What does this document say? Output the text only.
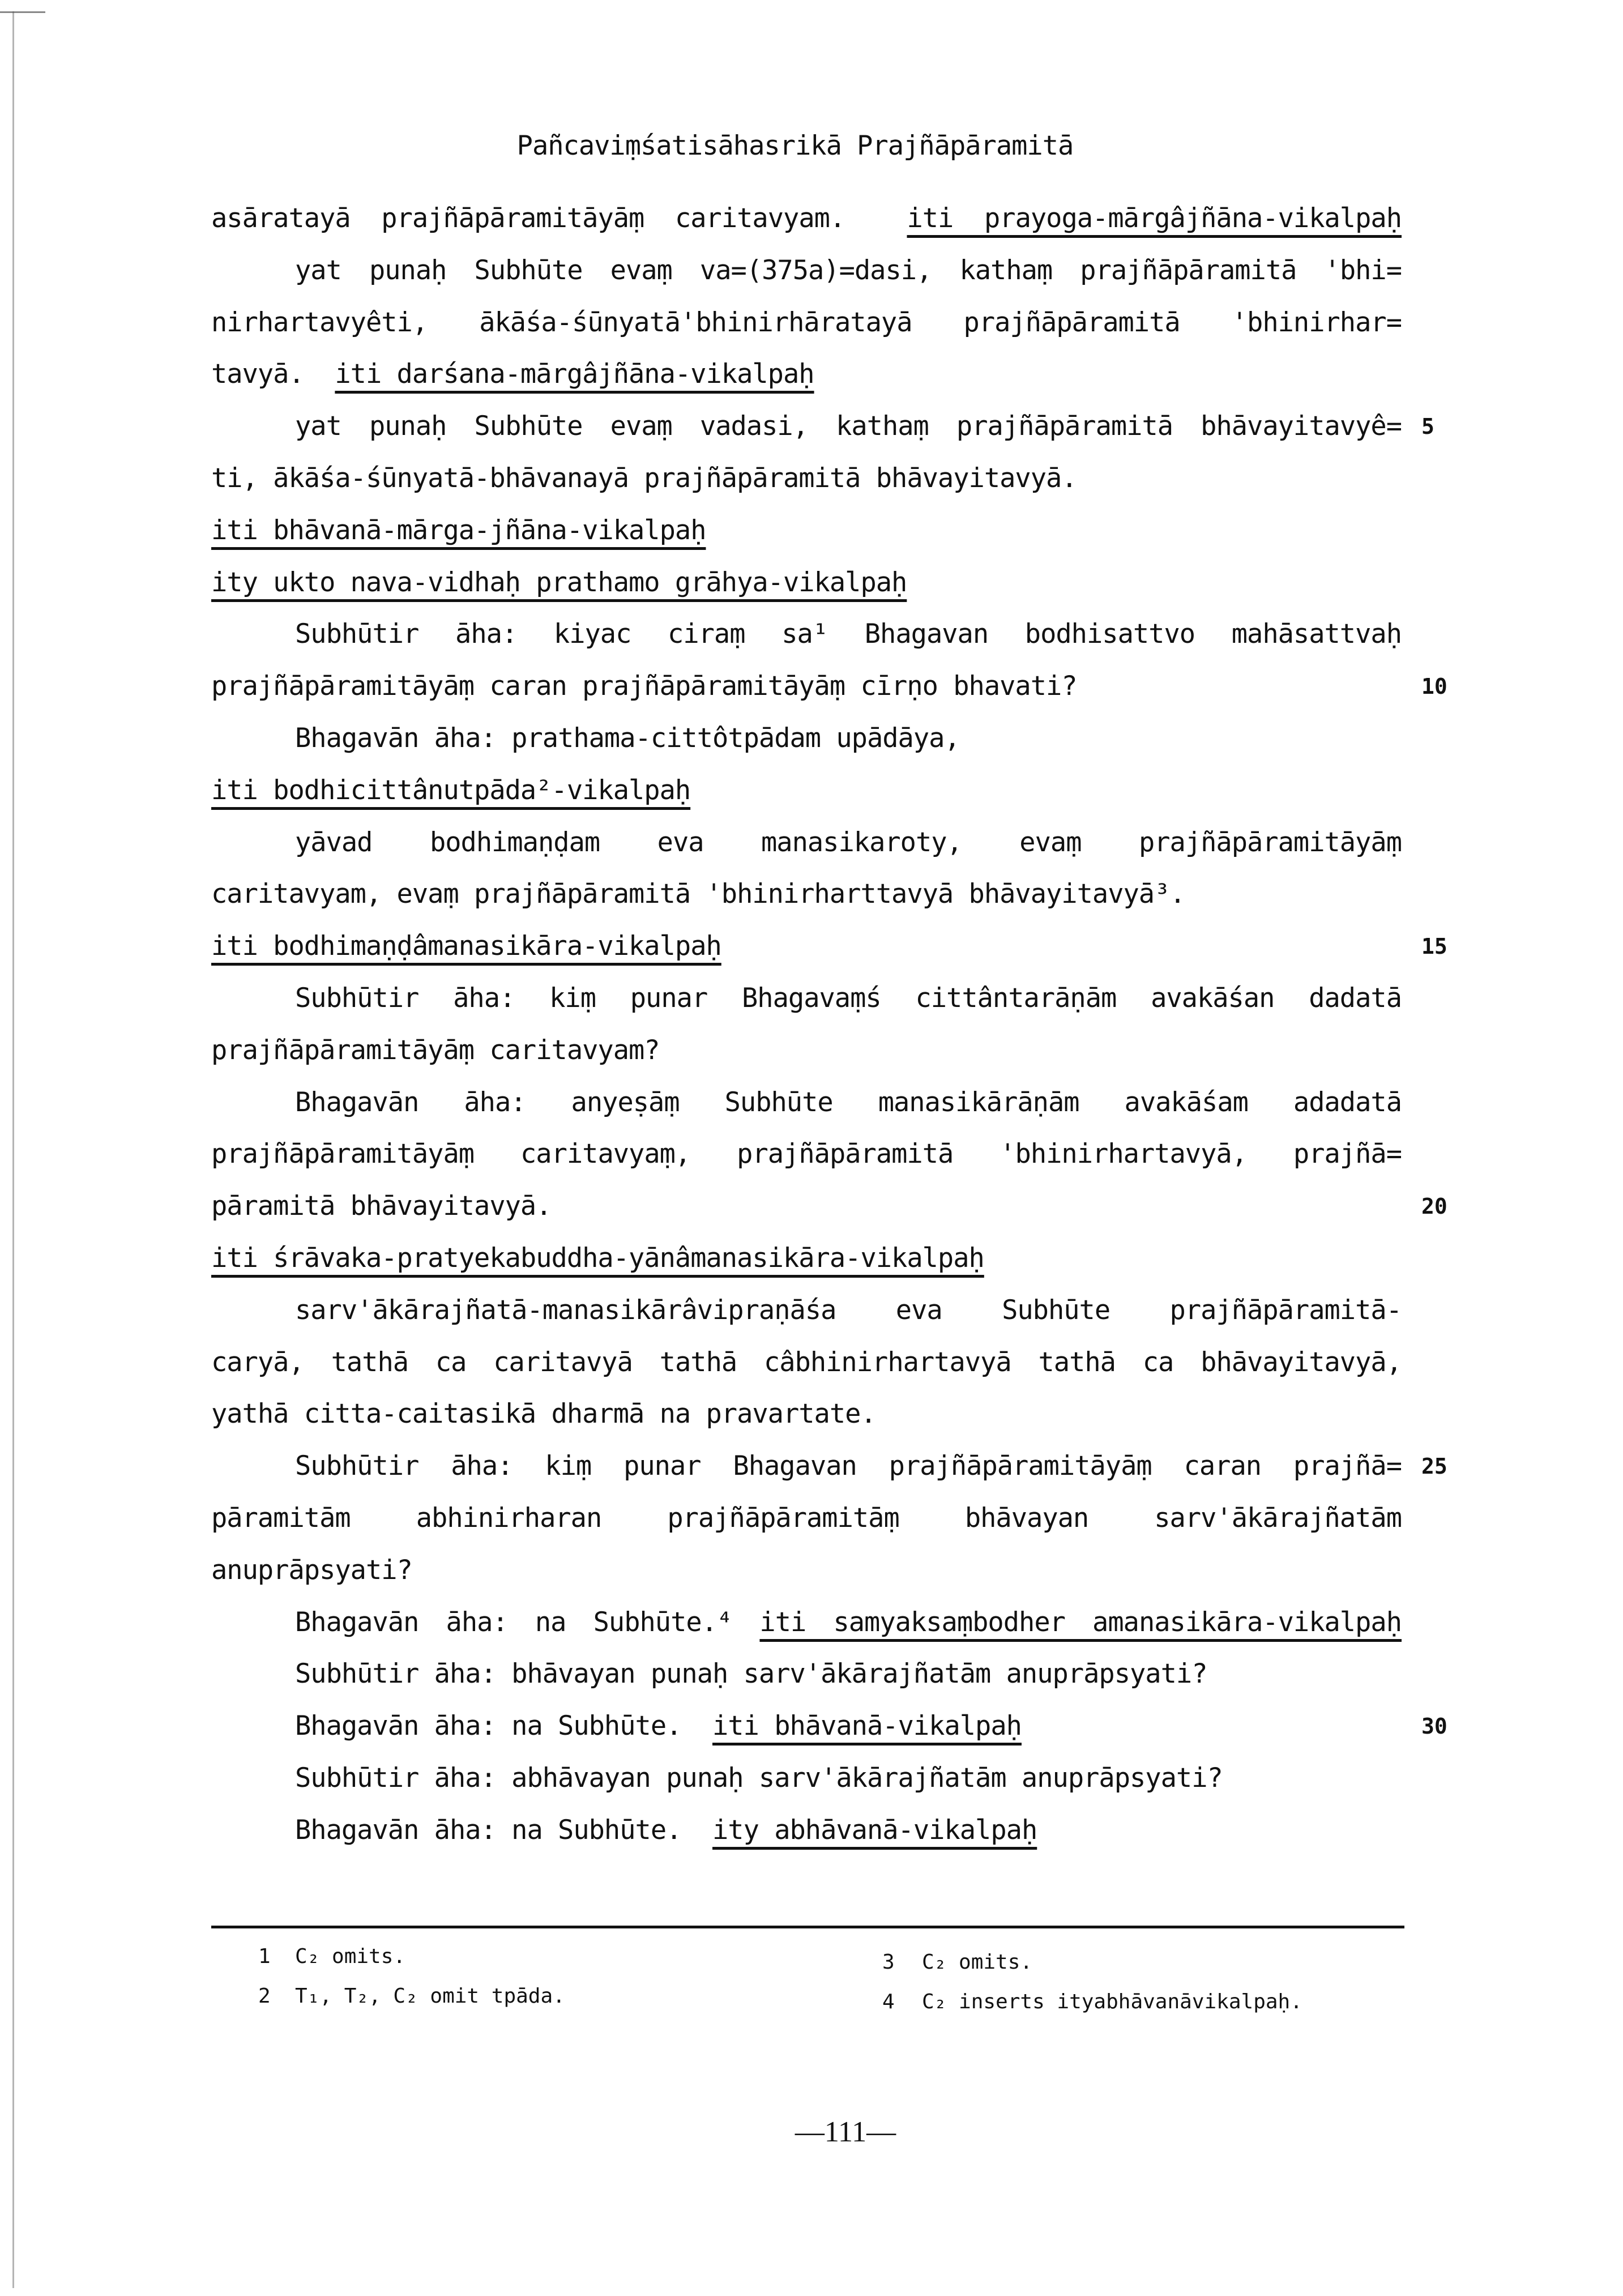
Pañcaviṃśatisāhasrikā Prajñāpāramitā
asāratayā prajñāpāramitāyāṃ caritavyam.  iti prayoga-mārgâjñāna-vikalpaḥ
yat punaḥ Subhūte evaṃ va=(375a)=dasi, kathaṃ prajñāpāramitā 'bhi=
nirhartavyêti, ākāśa-śūnyatā'bhinirhāratayā prajñāpāramitā 'bhinirhar=
tavyā.  iti darśana-mārgâjñāna-vikalpaḥ
yat punaḥ Subhūte evaṃ vadasi, kathaṃ prajñāpāramitā bhāvayitavyê= 5
ti, ākāśa-śūnyatā-bhāvanayā prajñāpāramitā bhāvayitavyā.
iti bhāvanā-mārga-jñāna-vikalpaḥ
ity ukto nava-vidhaḥ prathamo grāhya-vikalpaḥ
Subhūtir āha: kiyac ciraṃ sa¹ Bhagavan bodhisattvo mahāsattvaḥ
prajñāpāramitāyāṃ caran prajñāpāramitāyāṃ cīrṇo bhavati?	10
Bhagavān āha: prathama-cittôtpādam upādāya,
iti bodhicittânutpāda²-vikalpaḥ
yāvad bodhimaṇḍam eva manasikaroty, evaṃ prajñāpāramitāyāṃ
caritavyam, evaṃ prajñāpāramitā 'bhinirharttavyā bhāvayitavyā³.
iti bodhimaṇḍâmanasikāra-vikalpaḥ	15
Subhūtir āha: kiṃ punar Bhagavaṃś cittântarāṇām avakāśan dadatā
prajñāpāramitāyāṃ caritavyam?
Bhagavān āha: anyeṣāṃ Subhūte manasikārāṇām avakāśam adadatā
prajñāpāramitāyāṃ caritavyaṃ, prajñāpāramitā 'bhinirhartavyā, prajñā=
pāramitā bhāvayitavyā.	20
iti śrāvaka-pratyekabuddha-yānâmanasikāra-vikalpaḥ
sarv'ākārajñatā-manasikārâvipraṇāśa eva Subhūte prajñāpāramitā-
caryā, tathā ca caritavyā tathā câbhinirhartavyā tathā ca bhāvayitavyā,
yathā citta-caitasikā dharmā na pravartate.
Subhūtir āha: kiṃ punar Bhagavan prajñāpāramitāyāṃ caran prajñā= 25
pāramitām abhinirharan prajñāpāramitāṃ bhāvayan sarv'ākārajñatām
anuprāpsyati?
Bhagavān āha: na Subhūte.⁴ iti samyaksaṃbodher amanasikāra-vikalpaḥ
Subhūtir āha: bhāvayan punaḥ sarv'ākārajñatām anuprāpsyati?
Bhagavān āha: na Subhūte.  iti bhāvanā-vikalpaḥ	30
Subhūtir āha: abhāvayan punaḥ sarv'ākārajñatām anuprāpsyati?
Bhagavān āha: na Subhūte.  ity abhāvanā-vikalpaḥ
1 C₂ omits.
2 T₁, T₂, C₂ omit tpāda.
3 C₂ omits.
4 C₂ inserts ityabhāvanāvikalpaḥ.
—111—
